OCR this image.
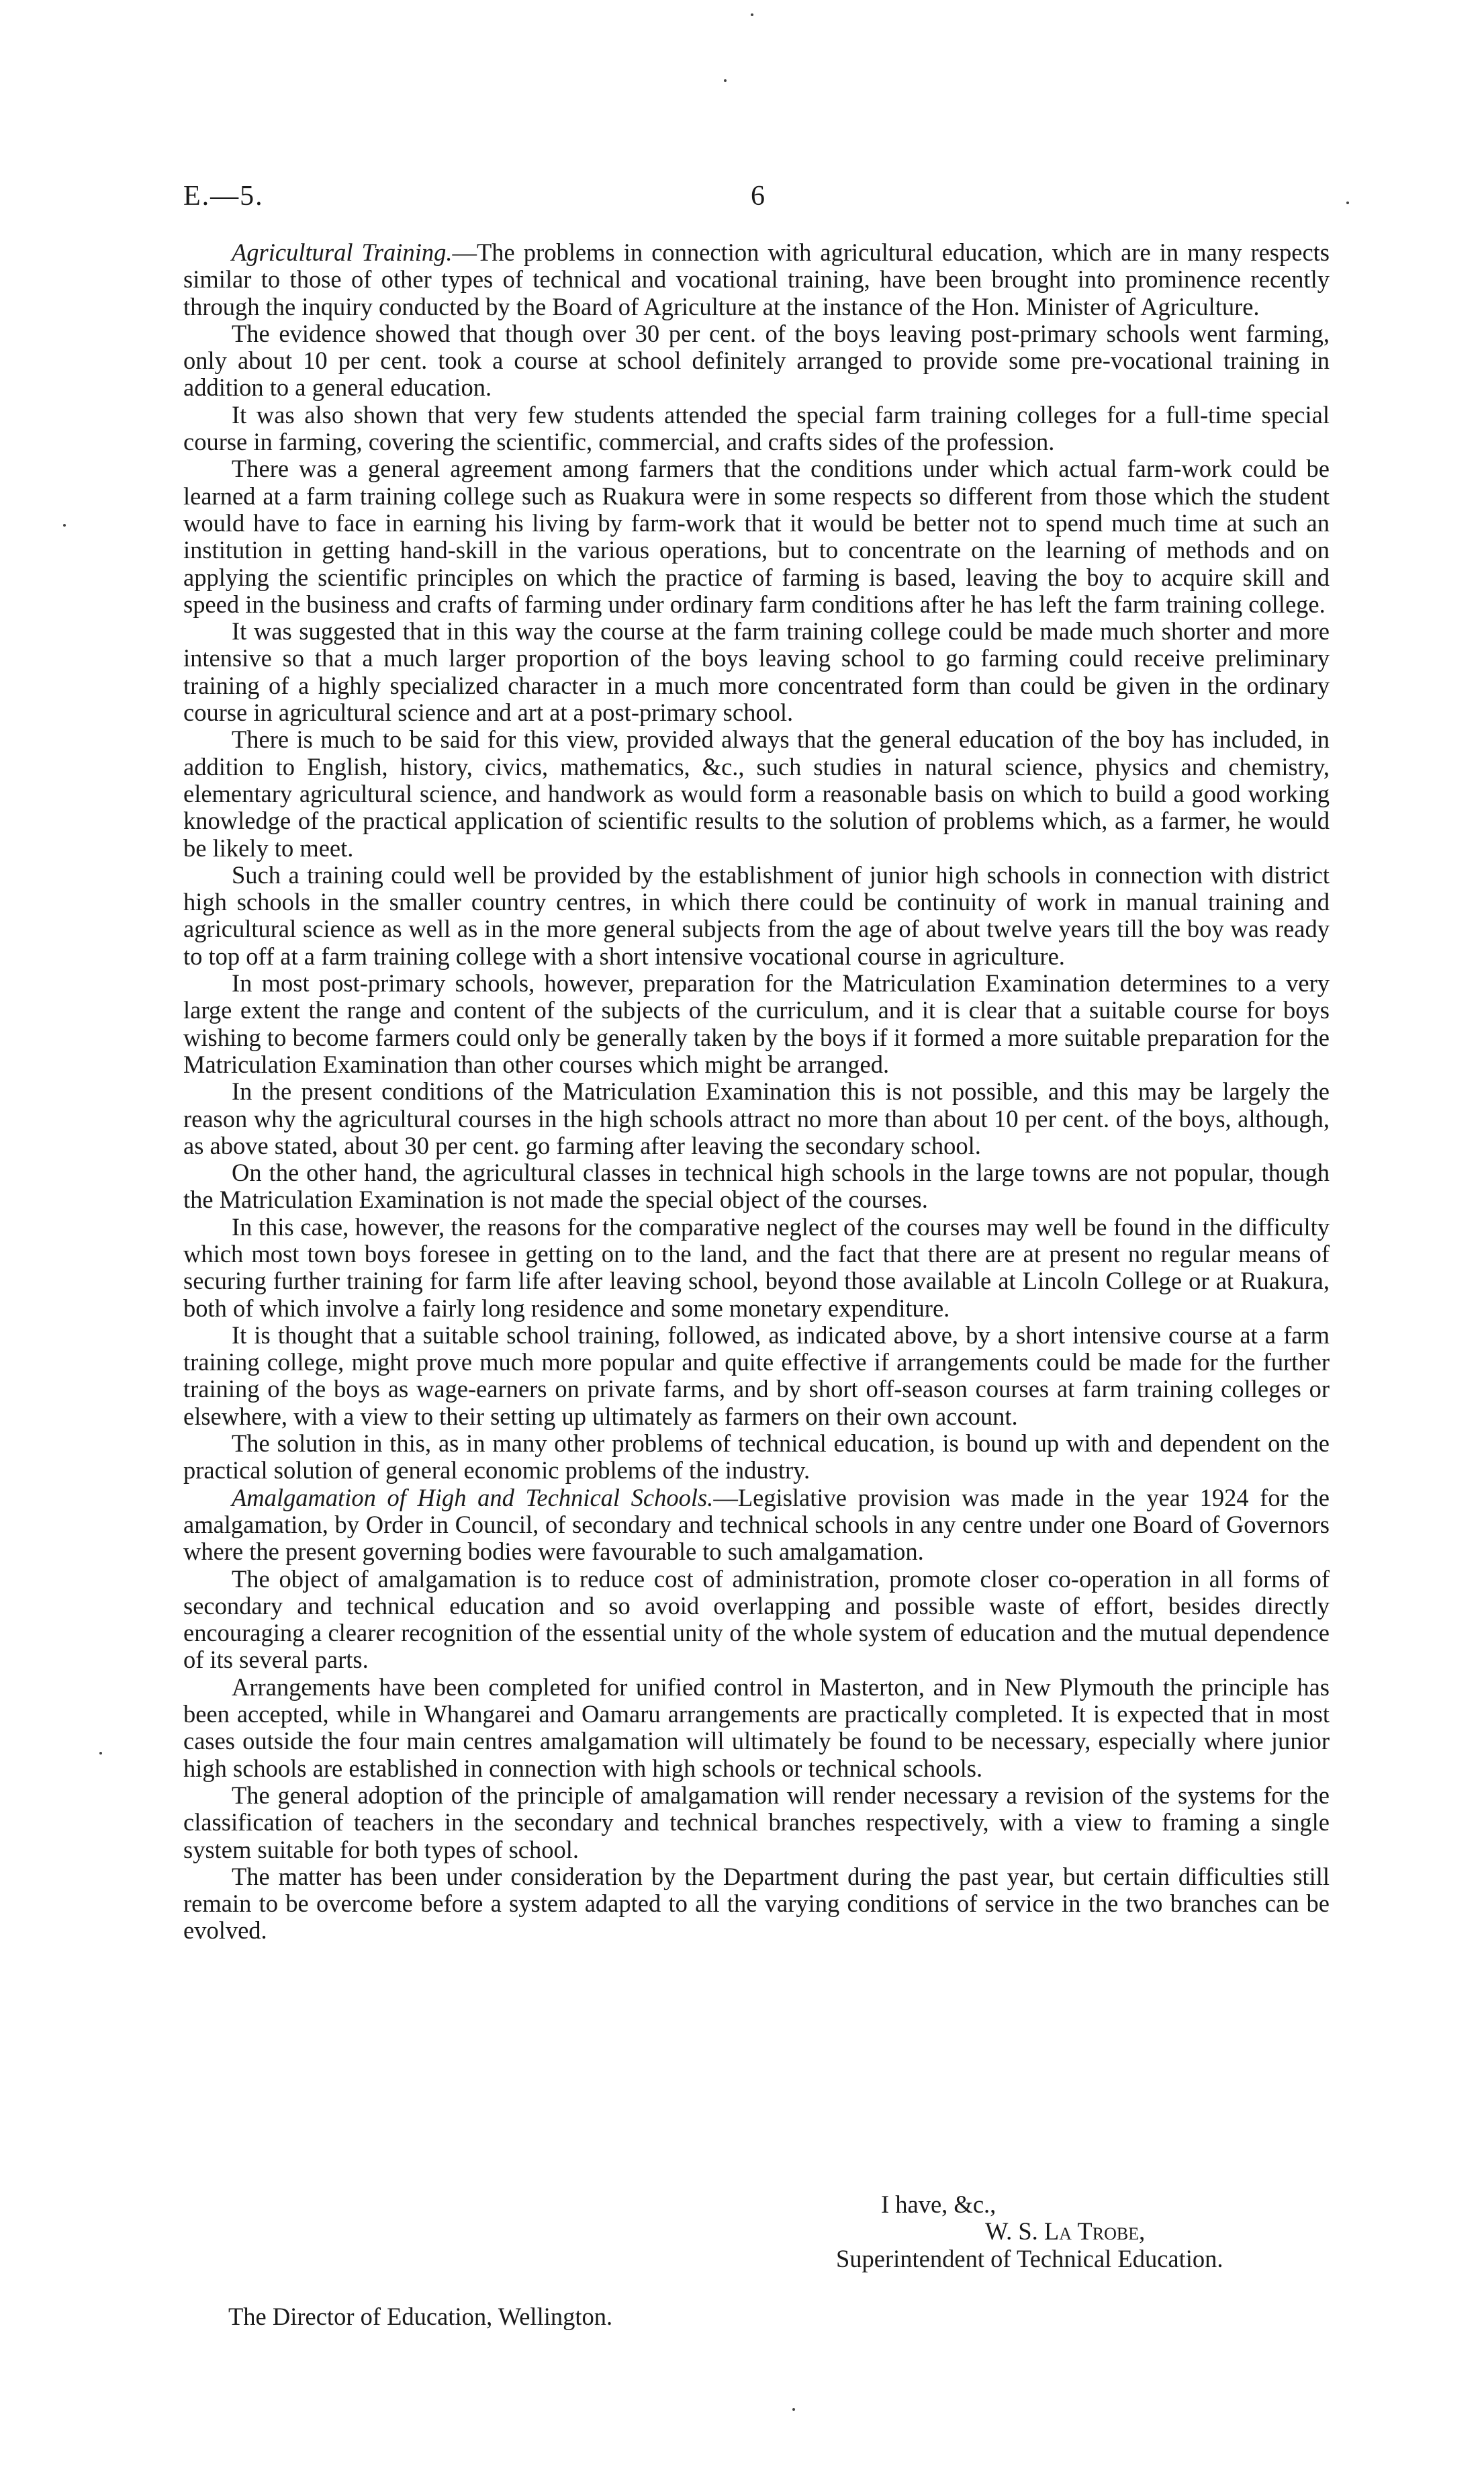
E.—5.	6

Agricultural Training.—The problems in connection with agricultural education, which are in many respects similar to those of other types of technical and vocational training, have been brought into prominence recently through the inquiry conducted by the Board of Agriculture at the instance of the Hon. Minister of Agriculture.

The evidence showed that though over 30 per cent. of the boys leaving post-primary schools went farming, only about 10 per cent. took a course at school definitely arranged to provide some pre-vocational training in addition to a general education.

It was also shown that very few students attended the special farm training colleges for a full-time special course in farming, covering the scientific, commercial, and crafts sides of the profession.

There was a general agreement among farmers that the conditions under which actual farm-work could be learned at a farm training college such as Ruakura were in some respects so different from those which the student would have to face in earning his living by farm-work that it would be better not to spend much time at such an institution in getting hand-skill in the various operations, but to concentrate on the learning of methods and on applying the scientific principles on which the practice of farming is based, leaving the boy to acquire skill and speed in the business and crafts of farming under ordinary farm conditions after he has left the farm training college.

It was suggested that in this way the course at the farm training college could be made much shorter and more intensive so that a much larger proportion of the boys leaving school to go farming could receive preliminary training of a highly specialized character in a much more concentrated form than could be given in the ordinary course in agricultural science and art at a post-primary school.

There is much to be said for this view, provided always that the general education of the boy has included, in addition to English, history, civics, mathematics, &c., such studies in natural science, physics and chemistry, elementary agricultural science, and handwork as would form a reasonable basis on which to build a good working knowledge of the practical application of scientific results to the solution of problems which, as a farmer, he would be likely to meet.

Such a training could well be provided by the establishment of junior high schools in connection with district high schools in the smaller country centres, in which there could be continuity of work in manual training and agricultural science as well as in the more general subjects from the age of about twelve years till the boy was ready to top off at a farm training college with a short intensive vocational course in agriculture.

In most post-primary schools, however, preparation for the Matriculation Examination determines to a very large extent the range and content of the subjects of the curriculum, and it is clear that a suitable course for boys wishing to become farmers could only be generally taken by the boys if it formed a more suitable preparation for the Matriculation Examination than other courses which might be arranged.

In the present conditions of the Matriculation Examination this is not possible, and this may be largely the reason why the agricultural courses in the high schools attract no more than about 10 per cent. of the boys, although, as above stated, about 30 per cent. go farming after leaving the secondary school.

On the other hand, the agricultural classes in technical high schools in the large towns are not popular, though the Matriculation Examination is not made the special object of the courses.

In this case, however, the reasons for the comparative neglect of the courses may well be found in the difficulty which most town boys foresee in getting on to the land, and the fact that there are at present no regular means of securing further training for farm life after leaving school, beyond those available at Lincoln College or at Ruakura, both of which involve a fairly long residence and some monetary expenditure.

It is thought that a suitable school training, followed, as indicated above, by a short intensive course at a farm training college, might prove much more popular and quite effective if arrangements could be made for the further training of the boys as wage-earners on private farms, and by short off-season courses at farm training colleges or elsewhere, with a view to their setting up ultimately as farmers on their own account.

The solution in this, as in many other problems of technical education, is bound up with and dependent on the practical solution of general economic problems of the industry.

Amalgamation of High and Technical Schools.—Legislative provision was made in the year 1924 for the amalgamation, by Order in Council, of secondary and technical schools in any centre under one Board of Governors where the present governing bodies were favourable to such amalgamation.

The object of amalgamation is to reduce cost of administration, promote closer co-operation in all forms of secondary and technical education and so avoid overlapping and possible waste of effort, besides directly encouraging a clearer recognition of the essential unity of the whole system of education and the mutual dependence of its several parts.

Arrangements have been completed for unified control in Masterton, and in New Plymouth the principle has been accepted, while in Whangarei and Oamaru arrangements are practically completed. It is expected that in most cases outside the four main centres amalgamation will ultimately be found to be necessary, especially where junior high schools are established in connection with high schools or technical schools.

The general adoption of the principle of amalgamation will render necessary a revision of the systems for the classification of teachers in the secondary and technical branches respectively, with a view to framing a single system suitable for both types of school.

The matter has been under consideration by the Department during the past year, but certain difficulties still remain to be overcome before a system adapted to all the varying conditions of service in the two branches can be evolved.

I have, &c.,
W. S. La Trobe,
Superintendent of Technical Education.
The Director of Education, Wellington.
